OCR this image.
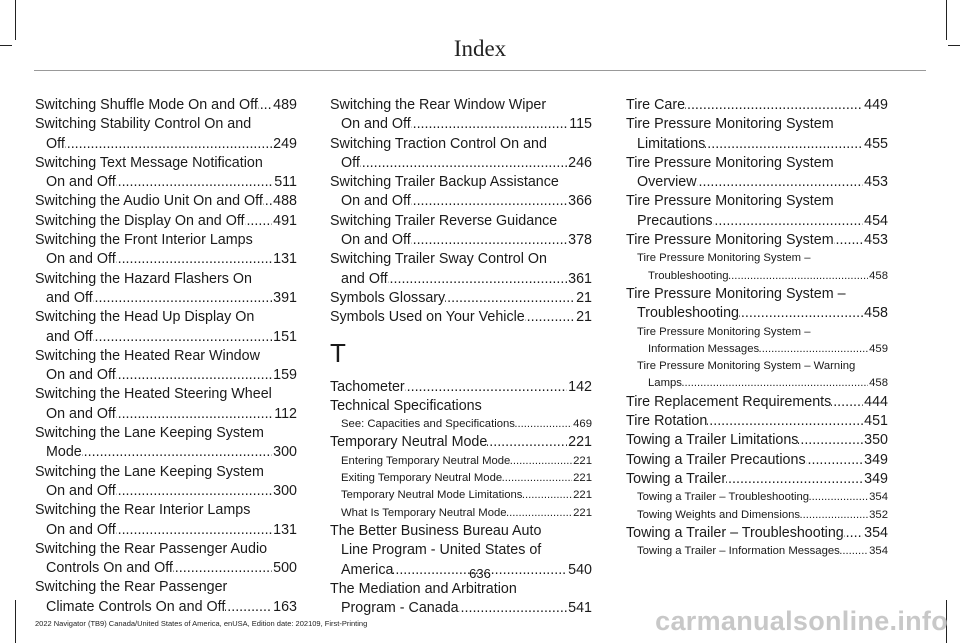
Index
Switching Shuffle Mode On and Off .....	489
Switching Stability Control On and Off .....	249
Switching Text Message Notification On and Off .....	511
Switching the Audio Unit On and Off ..... 488
Switching the Display On and Off .....	491
Switching the Front Interior Lamps On and Off .....	131
Switching the Hazard Flashers On and Off .....	391
Switching the Head Up Display On and Off .....	151
Switching the Heated Rear Window On and Off .....	159
Switching the Heated Steering Wheel On and Off .....	112
Switching the Lane Keeping System Mode .....	300
Switching the Lane Keeping System On and Off .....	300
Switching the Rear Interior Lamps On and Off .....	131
Switching the Rear Passenger Audio Controls On and Off .....	500
Switching the Rear Passenger Climate Controls On and Off .....	163
Switching the Rear Window Wiper On and Off .....	115
Switching Traction Control On and Off .....	246
Switching Trailer Backup Assistance On and Off .....	366
Switching Trailer Reverse Guidance On and Off .....	378
Switching Trailer Sway Control On and Off .....	361
Symbols Glossary .....	21
Symbols Used on Your Vehicle .....	21
T
Tachometer .....	142
Technical Specifications
See: Capacities and Specifications .....	469
Temporary Neutral Mode .....	221
Entering Temporary Neutral Mode .....	221
Exiting Temporary Neutral Mode .....	221
Temporary Neutral Mode Limitations .....	221
What Is Temporary Neutral Mode .....	221
The Better Business Bureau Auto Line Program - United States of America .....	540
The Mediation and Arbitration Program - Canada .....	541
Tire Care .....	449
Tire Pressure Monitoring System Limitations .....	455
Tire Pressure Monitoring System Overview .....	453
Tire Pressure Monitoring System Precautions .....	454
Tire Pressure Monitoring System .....	453
Tire Pressure Monitoring System – Troubleshooting .....	458
Tire Pressure Monitoring System – Troubleshooting .....	458
Tire Pressure Monitoring System – Information Messages .....	459
Tire Pressure Monitoring System – Warning Lamps .....	458
Tire Replacement Requirements .....	444
Tire Rotation .....	451
Towing a Trailer Limitations .....	350
Towing a Trailer Precautions .....	349
Towing a Trailer .....	349
Towing a Trailer – Troubleshooting .....	354
Towing Weights and Dimensions .....	352
Towing a Trailer – Troubleshooting .....	354
Towing a Trailer – Information Messages .....	354
636
2022 Navigator (TB9) Canada/United States of America, enUSA, Edition date: 202109, First-Printing	carmanualsonline.info
